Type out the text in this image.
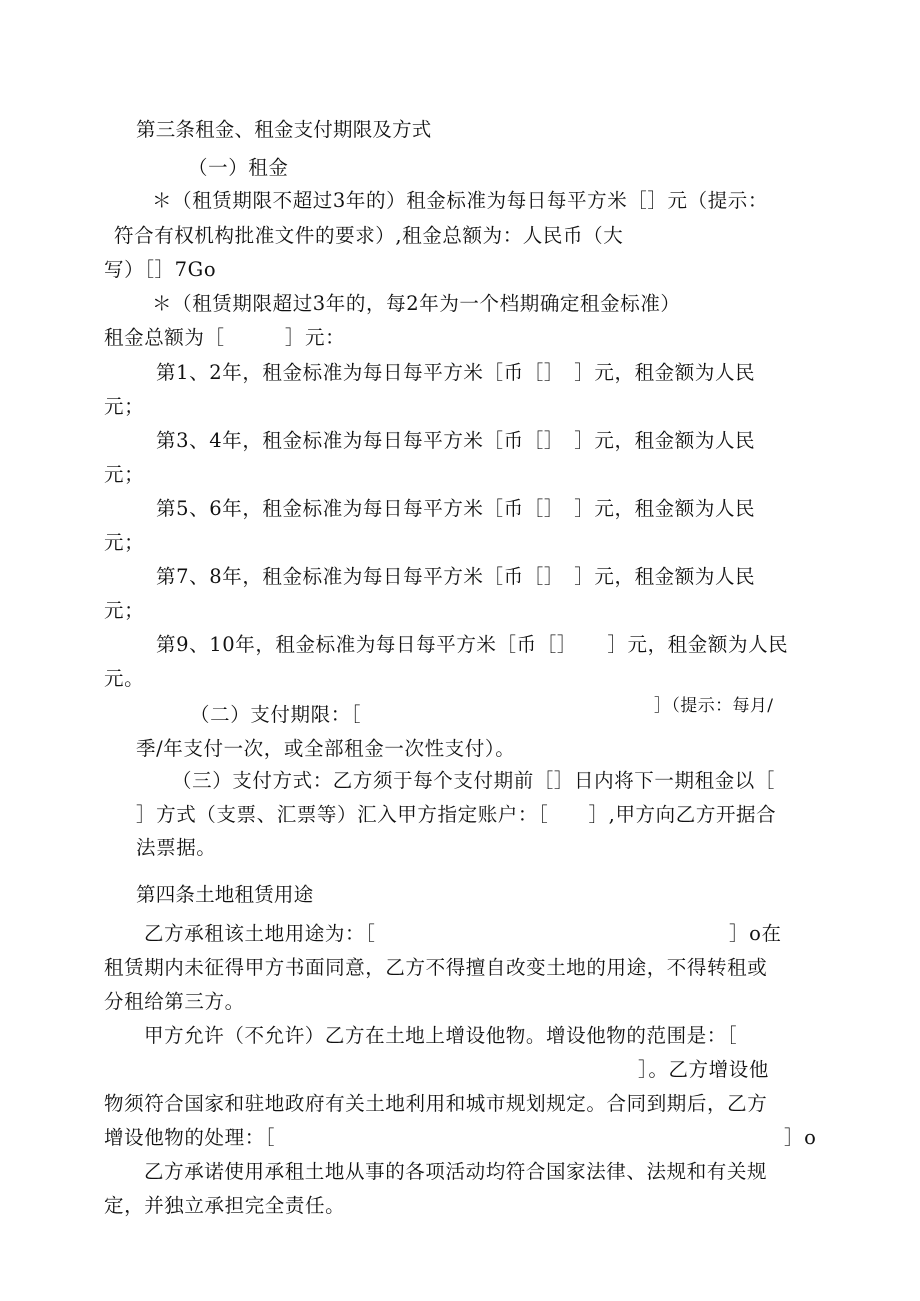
第三条租金、租金支付期限及方式
（一）租金
＊（租赁期限不超过3年的）租金标准为每日每平方米［］元（提示：
符合有权机构批准文件的要求）,租金总额为：人民币（大
写）［］7Go
＊（租赁期限超过3年的，每2年为一个档期确定租金标准）
租金总额为［　　　］元：
第1、2年，租金标准为每日每平方米［币［］　］元，租金额为人民
元；
第3、4年，租金标准为每日每平方米［币［］　］元，租金额为人民
元；
第5、6年，租金标准为每日每平方米［币［］　］元，租金额为人民
元；
第7、8年，租金标准为每日每平方米［币［］　］元，租金额为人民
元；
第9、10年，租金标准为每日每平方米［币［］　　］元，租金额为人民
元。
（二）支付期限：［	］（提示：每月/
季/年支付一次，或全部租金一次性支付）。
（三）支付方式：乙方须于每个支付期前［］日内将下一期租金以［
］方式（支票、汇票等）汇入甲方指定账户：［　　］,甲方向乙方开据合
法票据。
第四条土地租赁用途
乙方承租该土地用途为：［	］o在
租赁期内未征得甲方书面同意，乙方不得擅自改变土地的用途，不得转租或
分租给第三方。
甲方允许（不允许）乙方在土地上增设他物。增设他物的范围是：［
］。乙方增设他
物须符合国家和驻地政府有关土地利用和城市规划规定。合同到期后，乙方
增设他物的处理：［	］o
乙方承诺使用承租土地从事的各项活动均符合国家法律、法规和有关规
定，并独立承担完全责任。
